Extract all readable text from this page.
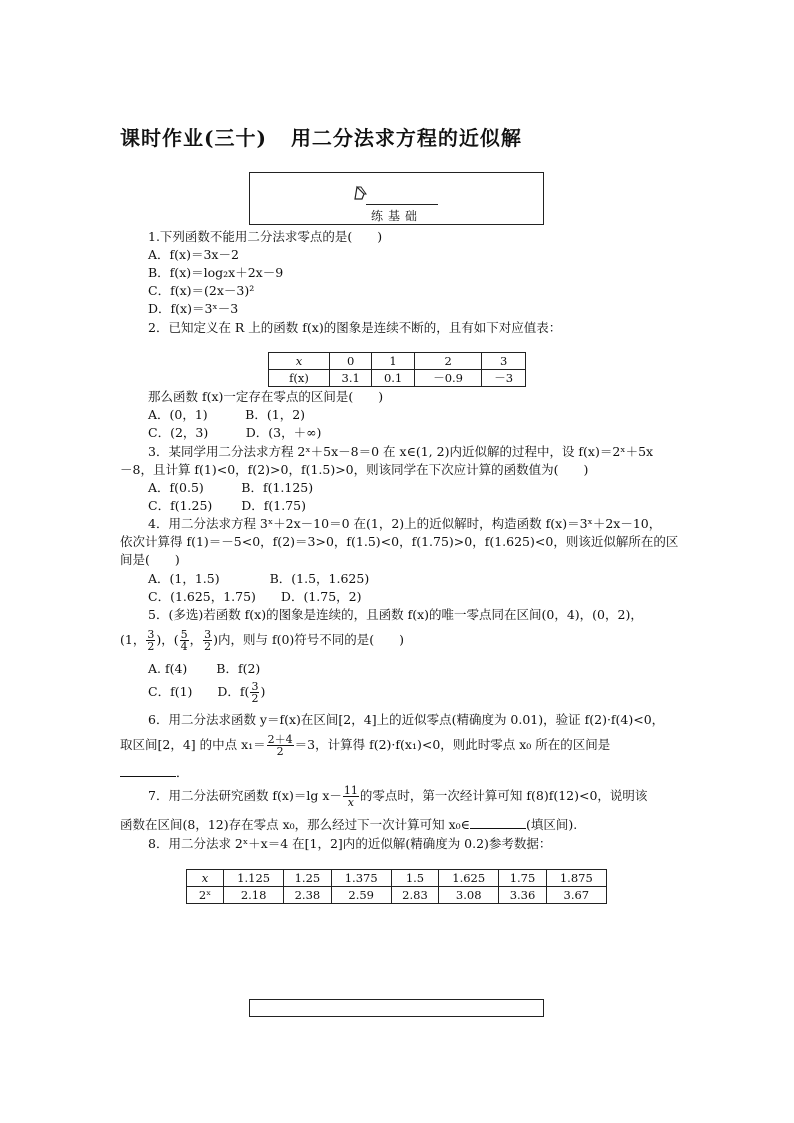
课时作业(三十) 用二分法求方程的近似解
练基础
1.下列函数不能用二分法求零点的是(　　)
A．f(x)＝3x－2
B．f(x)＝log₂x＋2x－9
C．f(x)＝(2x－3)²
D．f(x)＝3ˣ－3
2．已知定义在 R 上的函数 f(x)的图象是连续不断的，且有如下对应值表：
x	0	1	2	3
f(x)	3.1	0.1	－0.9	－3
那么函数 f(x)一定存在零点的区间是(　　)
A．(0，1)　　　B．(1，2)
C．(2，3)　　　D．(3，＋∞)
3．某同学用二分法求方程 2ˣ＋5x－8＝0 在 x∈(1, 2)内近似解的过程中，设 f(x)＝2ˣ＋5x
－8，且计算 f(1)<0，f(2)>0，f(1.5)>0，则该同学在下次应计算的函数值为(　　)
A．f(0.5)　　　B．f(1.125)
C．f(1.25)　　 D．f(1.75)
4．用二分法求方程 3ˣ＋2x－10＝0 在(1，2)上的近似解时，构造函数 f(x)＝3ˣ＋2x－10，
依次计算得 f(1)＝－5<0，f(2)＝3>0，f(1.5)<0，f(1.75)>0，f(1.625)<0，则该近似解所在的区
间是(　　)
A．(1，1.5)　　　　B．(1.5，1.625)
C．(1.625，1.75)　　D．(1.75，2)
5．(多选)若函数 f(x)的图象是连续的，且函数 f(x)的唯一零点同在区间(0，4)，(0，2)，
(1， $\frac{3}{2}$ )，( $\frac{5}{4}$ ， $\frac{3}{2}$ )内，则与 f(0)符号不同的是(　　)
A. f(4)　　 B．f(2)
C．f(1)　　D．$f( \frac{3}{2}$ )
6．用二分法求函数 y＝f(x)在区间[2，4]上的近似零点(精确度为 0.01)，验证 f(2)·f(4)<0，
取区间[2，4] 的中点 $x_1= \frac{2+4}{2} =3$，计算得 f(2)·f(x₁)<0，则此时零点 x₀ 所在的区间是
．
7．用二分法研究函数 f(x)＝lg $x- \frac{11}{x}$ 的零点时，第一次经计算可知 f(8)f(12)<0，说明该
函数在区间(8，12)存在零点 x₀，那么经过下一次计算可知 x₀∈	(填区间).
8．用二分法求 2ˣ＋x＝4 在[1，2]内的近似解(精确度为 0.2)参考数据：
x	1.125	1.25	1.375	1.5	1.625	1.75	1.875
2ˣ	2.18	2.38	2.59	2.83	3.08	3.36	3.67
